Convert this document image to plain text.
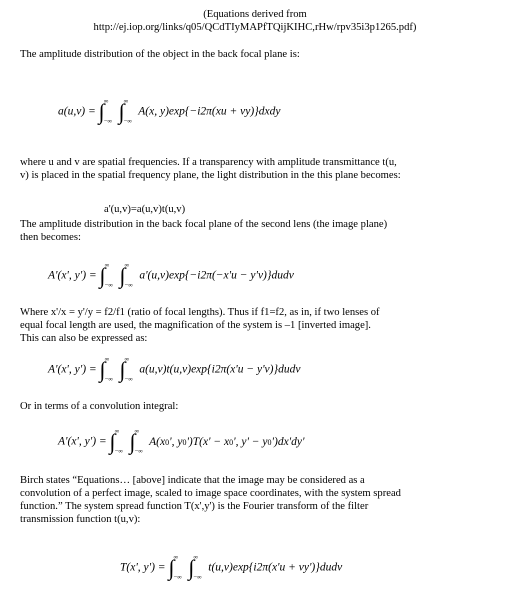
(Equations derived from
http://ej.iop.org/links/q05/QCdTIyMAPfTQijKIHC,rHw/rpv35i3p1265.pdf)
The amplitude distribution of the object in the back focal plane is:
a(u,v) = ∫ ∞
−∞ ∫ ∞
−∞
A(x, y)exp{−i2π(xu + vy)}dxdy
where u and v are spatial frequencies. If a transparency with amplitude transmittance t(u,
v) is placed in the spatial frequency plane, the light distribution in the this plane becomes:
a'(u,v)=a(u,v)t(u,v)
The amplitude distribution in the back focal plane of the second lens (the image plane)
then becomes:
A'(x', y') = ∫ ∞
−∞ ∫ ∞
−∞
a'(u,v)exp{−i2π(−x'u − y'v)}dudv
Where x'/x = y'/y = f2/f1 (ratio of focal lengths). Thus if f1=f2, as in, if two lenses of
equal focal length are used, the magnification of the system is –1 [inverted image].
This can also be expressed as:
A'(x', y') = ∫ ∞
−∞ ∫ ∞
−∞
a(u,v)t(u,v)exp{i2π(x'u − y'v)}dudv
Or in terms of a convolution integral:
A'(x', y') = ∫ ∞
−∞ ∫ ∞
−∞
A(x0', y0')T(x' − x0', y' − y0')dx'dy'
Birch states “Equations… [above] indicate that the image may be considered as a
convolution of a perfect image, scaled to image space coordinates, with the system spread
function.” The system spread function T(x',y') is the Fourier transform of the filter
transmission function t(u,v):
T(x', y') = ∫ ∞
−∞ ∫ ∞
−∞
t(u,v)exp{i2π(x'u + vy')}dudv
